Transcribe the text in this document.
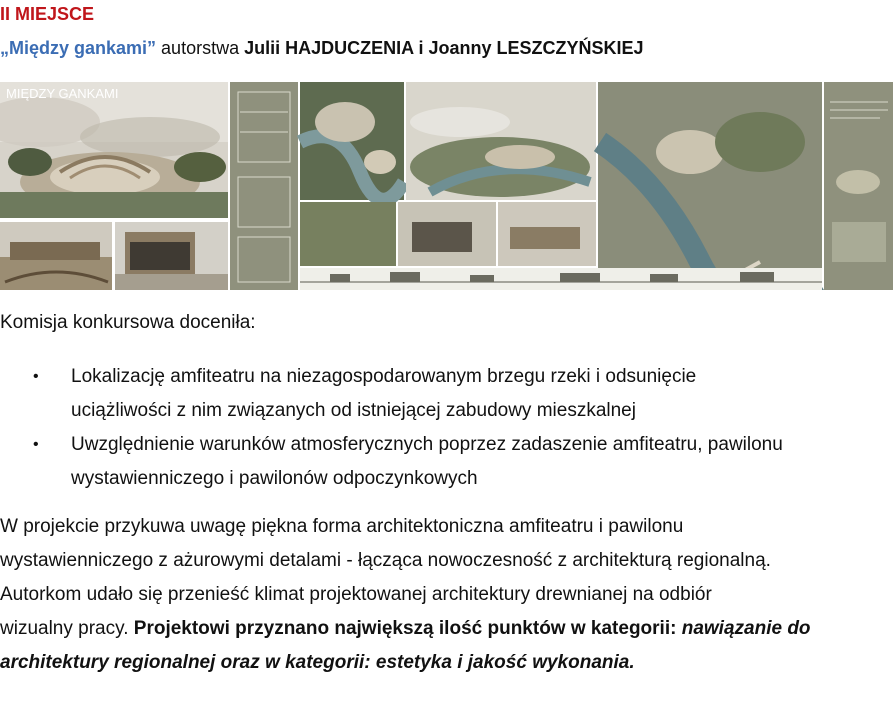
II MIEJSCE
„Między gankami” autorstwa Julii HAJDUCZENIA i Joanny LESZCZYŃSKIEJ
MIĘDZY GANKAMI
Komisja konkursowa doceniła:
• Lokalizację amfiteatru na niezagospodarowanym brzegu rzeki i odsunięcie
uciążliwości z nim związanych od istniejącej zabudowy mieszkalnej
• Uwzględnienie warunków atmosferycznych poprzez zadaszenie amfiteatru, pawilonu
wystawienniczego i pawilonów odpoczynkowych
W projekcie przykuwa uwagę piękna forma architektoniczna amfiteatru i pawilonu
wystawienniczego z ażurowymi detalami - łącząca nowoczesność z architekturą regionalną.
Autorkom udało się przenieść klimat projektowanej architektury drewnianej na odbiór
wizualny pracy. Projektowi przyznano największą ilość punktów w kategorii: nawiązanie do
architektury regionalnej oraz w kategorii: estetyka i jakość wykonania.
